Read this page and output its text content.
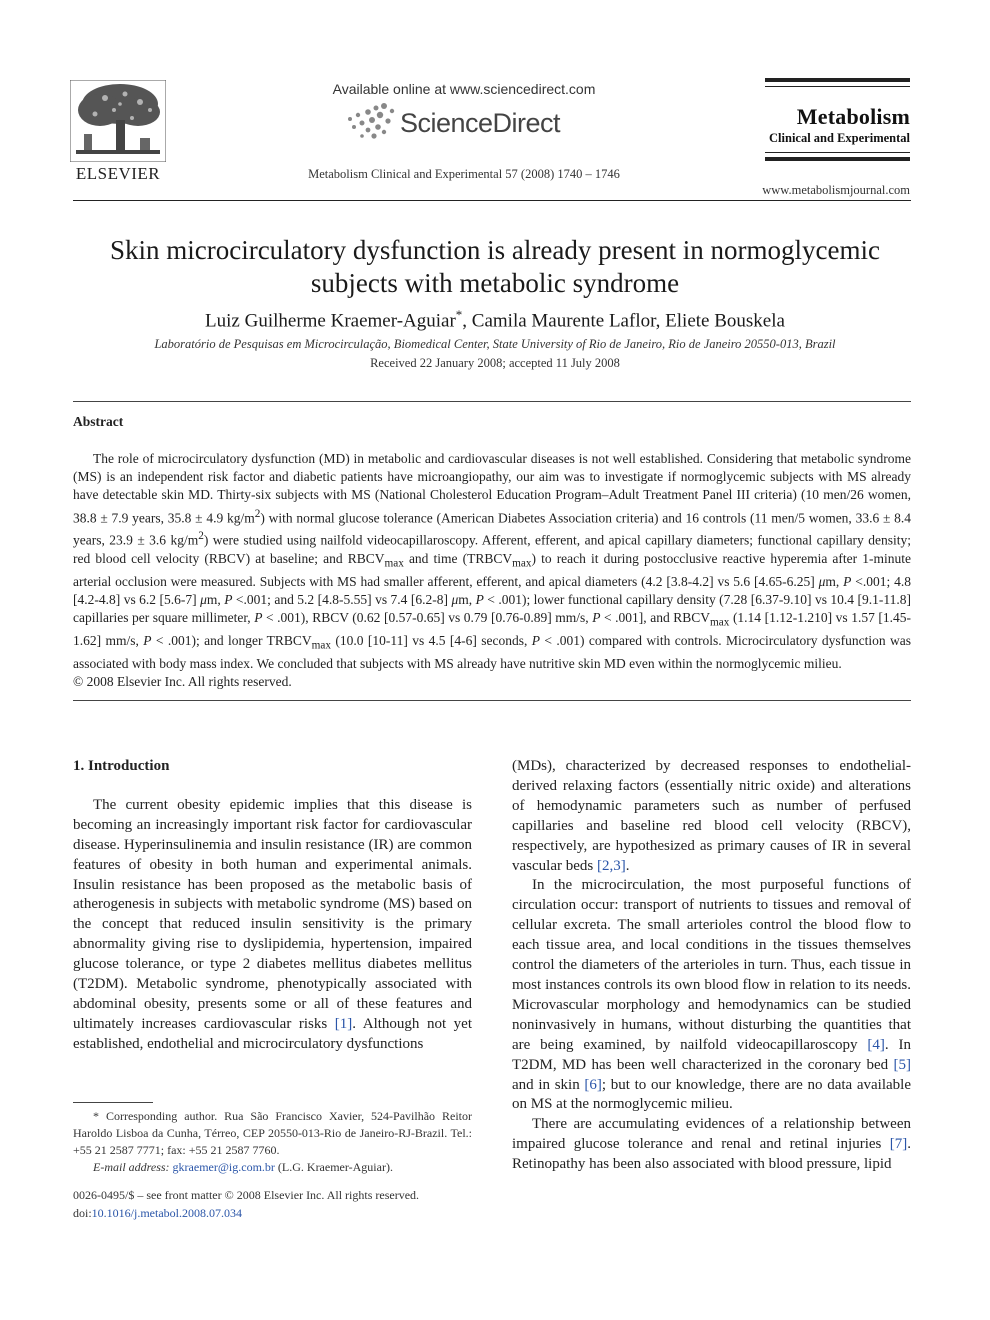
ELSEVIER
Available online at www.sciencedirect.com
ScienceDirect
Metabolism Clinical and Experimental 57 (2008) 1740 – 1746
Metabolism
Clinical and Experimental
www.metabolismjournal.com
Skin microcirculatory dysfunction is already present in normoglycemic
subjects with metabolic syndrome
Luiz Guilherme Kraemer-Aguiar*, Camila Maurente Laflor, Eliete Bouskela
Laboratório de Pesquisas em Microcirculação, Biomedical Center, State University of Rio de Janeiro, Rio de Janeiro 20550-013, Brazil
Received 22 January 2008; accepted 11 July 2008
Abstract

The role of microcirculatory dysfunction (MD) in metabolic and cardiovascular diseases is not well established. Considering that metabolic syndrome (MS) is an independent risk factor and diabetic patients have microangiopathy, our aim was to investigate if normoglycemic subjects with MS already have detectable skin MD. Thirty-six subjects with MS (National Cholesterol Education Program–Adult Treatment Panel III criteria) (10 men/26 women, 38.8 ± 7.9 years, 35.8 ± 4.9 $kg/m^2$) with normal glucose tolerance (American Diabetes Association criteria) and 16 controls (11 men/5 women, 33.6 ± 8.4 years, 23.9 ± 3.6 $kg/m^2$) were studied using nailfold videocapillaroscopy. Afferent, efferent, and apical capillary diameters; functional capillary density; red blood cell velocity (RBCV) at baseline; and $RBCV_{max}$ and time $(TRBCV_{max})$ to reach it during postocclusive reactive hyperemia after 1-minute arterial occlusion were measured. Subjects with MS had smaller afferent, efferent, and apical diameters (4.2 [3.8-4.2] vs 5.6 [4.65-6.25] μm, P <.001; 4.8 [4.2-4.8] vs 6.2 [5.6-7] μm, P <.001; and 5.2 [4.8-5.55] vs 7.4 [6.2-8] μm, P < .001); lower functional capillary density (7.28 [6.37-9.10] vs 10.4 [9.1-11.8] capillaries per square millimeter, P < .001), RBCV (0.62 [0.57-0.65] vs 0.79 [0.76-0.89] mm/s, P < .001], and $RBCV_{max}$ (1.14 [1.12-1.210] vs 1.57 [1.45-1.62] mm/s, P < .001); and longer $TRBCV_{max}$ (10.0 [10-11] vs 4.5 [4-6] seconds, P < .001) compared with controls. Microcirculatory dysfunction was associated with body mass index. We concluded that subjects with MS already have nutritive skin MD even within the normoglycemic milieu.

© 2008 Elsevier Inc. All rights reserved.

1. Introduction

The current obesity epidemic implies that this disease is becoming an increasingly important risk factor for cardiovascular disease. Hyperinsulinemia and insulin resistance (IR) are common features of obesity in both human and experimental animals. Insulin resistance has been proposed as the metabolic basis of atherogenesis in subjects with metabolic syndrome (MS) based on the concept that reduced insulin sensitivity is the primary abnormality giving rise to dyslipidemia, hypertension, impaired glucose tolerance, or type 2 diabetes mellitus diabetes mellitus (T2DM). Metabolic syndrome, phenotypically associated with abdominal obesity, presents some or all of these features and ultimately increases cardiovascular risks [1]. Although not yet established, endothelial and microcirculatory dysfunctions

(MDs), characterized by decreased responses to endothelial-derived relaxing factors (essentially nitric oxide) and alterations of hemodynamic parameters such as number of perfused capillaries and baseline red blood cell velocity (RBCV), respectively, are hypothesized as primary causes of IR in several vascular beds [2,3].

In the microcirculation, the most purposeful functions of circulation occur: transport of nutrients to tissues and removal of cellular excreta. The small arterioles control the blood flow to each tissue area, and local conditions in the tissues themselves control the diameters of the arterioles in turn. Thus, each tissue in most instances controls its own blood flow in relation to its needs. Microvascular morphology and hemodynamics can be studied noninvasively in humans, without disturbing the quantities that are being examined, by nailfold videocapillaroscopy [4]. In T2DM, MD has been well characterized in the coronary bed [5] and in skin [6]; but to our knowledge, there are no data available on MS at the normoglycemic milieu.

There are accumulating evidences of a relationship between impaired glucose tolerance and renal and retinal injuries [7]. Retinopathy has been also associated with blood pressure, lipid

* Corresponding author. Rua São Francisco Xavier, 524-Pavilhão Reitor Haroldo Lisboa da Cunha, Térreo, CEP 20550-013-Rio de Janeiro-RJ-Brazil. Tel.: +55 21 2587 7771; fax: +55 21 2587 7760.

E-mail address: gkraemer@ig.com.br (L.G. Kraemer-Aguiar).

0026-0495/$ – see front matter © 2008 Elsevier Inc. All rights reserved.
doi:10.1016/j.metabol.2008.07.034
